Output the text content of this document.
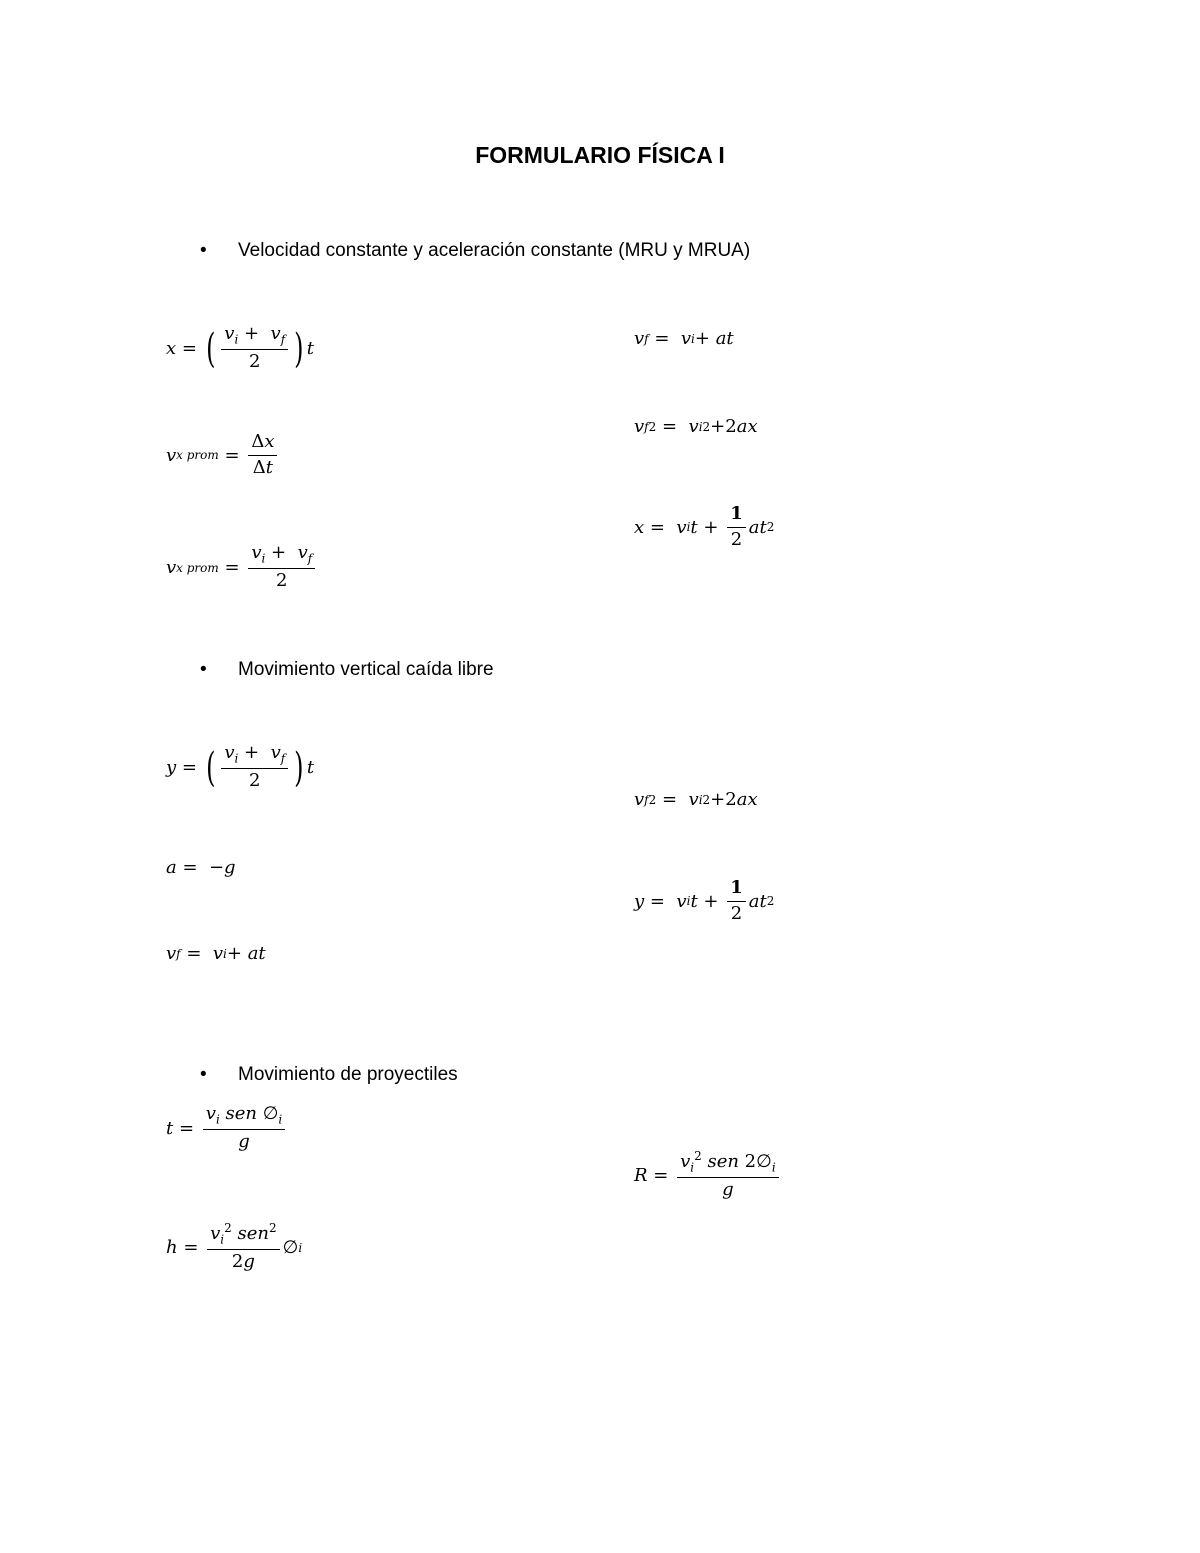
FORMULARIO FÍSICA I
• Velocidad constante y aceleración constante (MRU y MRUA)
x = ( $\frac{v_i + v_f}{2}$ ) t
v x prom = $\frac{\Delta x}{\Delta t}$
v x prom = $\frac{v_i + v_f}{2}$
v f =  v i + at
v f 2 =  v i 2 + 2 ax
x =  v i $t + \frac{1}{2}$ at 2
• Movimiento vertical caída libre
y = ( $\frac{v_i + v_f}{2}$ ) t
a =  −g
v f =  v i + at
v f 2 =  v i 2 + 2 ax
y =  v i $t + \frac{1}{2}$ at 2
• Movimiento de proyectiles
$t = \frac{v_i sen \emptyset_i}{g}$
$h = \frac{v_i^2 sen^2}{2g}$ ∅ i
$R = \frac{v_i^2 sen 2\emptyset_i}{g}$
